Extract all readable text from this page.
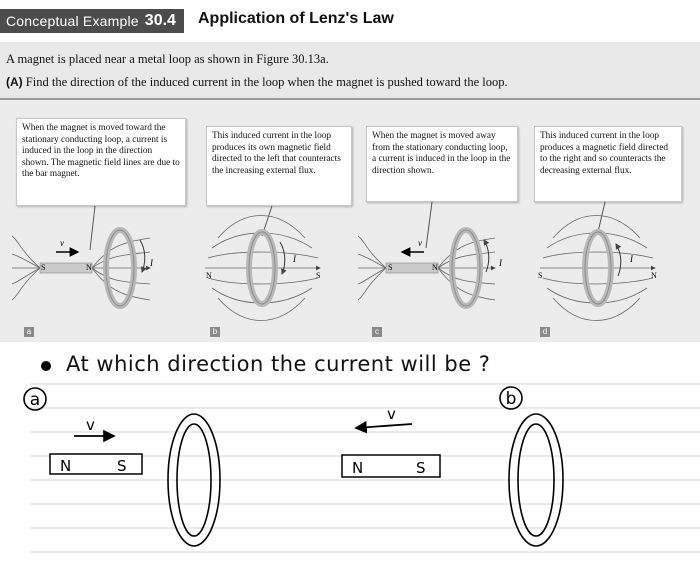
Conceptual Example 30.4 Application of Lenz's Law

A magnet is placed near a metal loop as shown in Figure 30.13a.

(A) Find the direction of the induced current in the loop when the magnet is pushed toward the loop.

v
S	N	I
N	S
I
v
S	N	I
S	N
I
a	b
v
N	S
v
N	S
When the magnet is moved toward the stationary conducting loop, a current is induced in the loop in the direction shown. The magnetic field lines are due to the bar magnet.
This induced current in the loop produces its own magnetic field directed to the left that counteracts the increasing external flux.
When the magnet is moved away from the stationary conducting loop, a current is induced in the loop in the direction shown.
This induced current in the loop produces a magnetic field directed to the right and so counteracts the decreasing external flux.
a	b	c	d
At which direction the current will be ?
